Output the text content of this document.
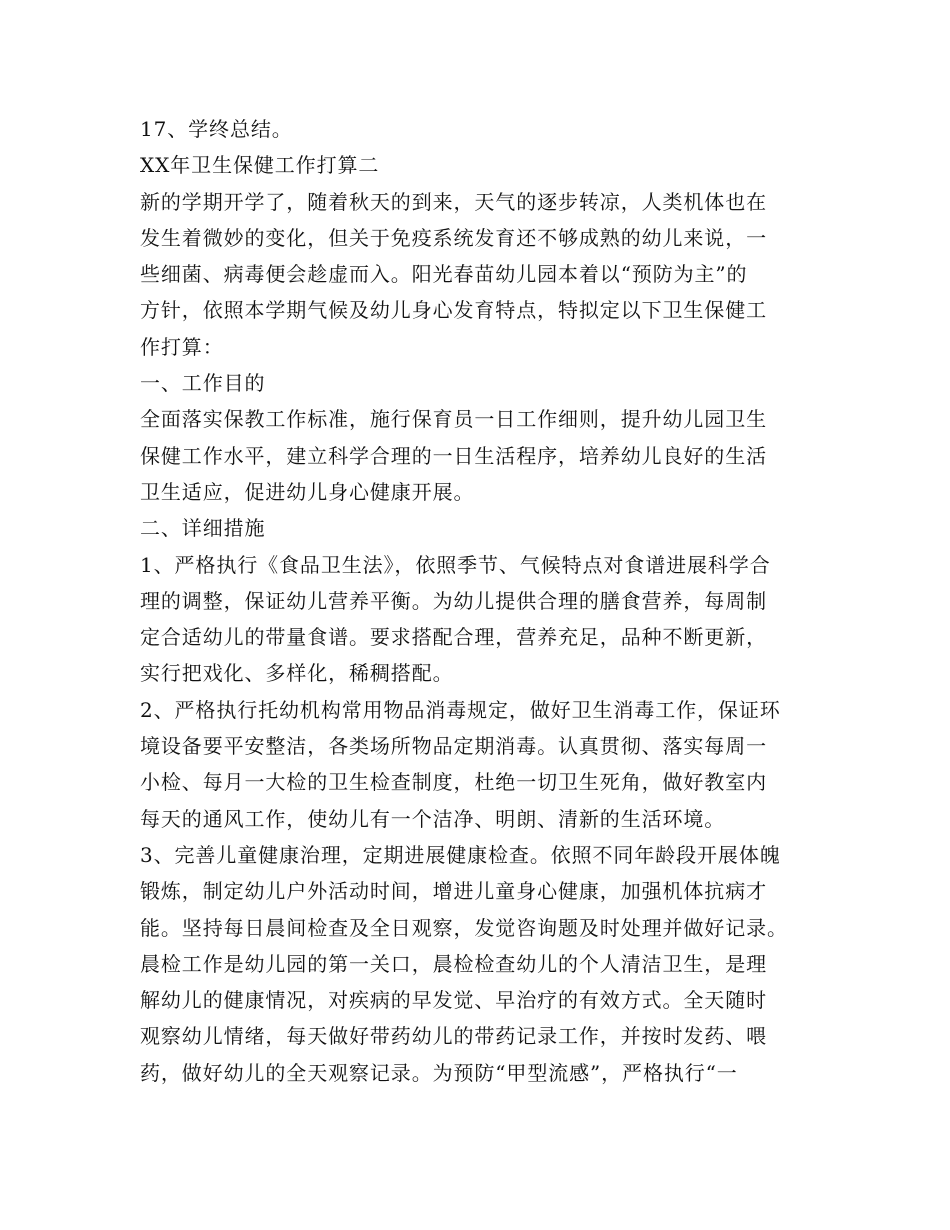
17、学终总结。
XX年卫生保健工作打算二
新的学期开学了，随着秋天的到来，天气的逐步转凉，人类机体也在
发生着微妙的变化，但关于免疫系统发育还不够成熟的幼儿来说，一
些细菌、病毒便会趁虚而入。阳光春苗幼儿园本着以“预防为主”的
方针，依照本学期气候及幼儿身心发育特点，特拟定以下卫生保健工
作打算：
一、工作目的
全面落实保教工作标准，施行保育员一日工作细则，提升幼儿园卫生
保健工作水平，建立科学合理的一日生活程序，培养幼儿良好的生活
卫生适应，促进幼儿身心健康开展。
二、详细措施
1、严格执行《食品卫生法》，依照季节、气候特点对食谱进展科学合
理的调整，保证幼儿营养平衡。为幼儿提供合理的膳食营养，每周制
定合适幼儿的带量食谱。要求搭配合理，营养充足，品种不断更新，
实行把戏化、多样化，稀稠搭配。
2、严格执行托幼机构常用物品消毒规定，做好卫生消毒工作，保证环
境设备要平安整洁，各类场所物品定期消毒。认真贯彻、落实每周一
小检、每月一大检的卫生检查制度，杜绝一切卫生死角，做好教室内
每天的通风工作，使幼儿有一个洁净、明朗、清新的生活环境。
3、完善儿童健康治理，定期进展健康检查。依照不同年龄段开展体魄
锻炼，制定幼儿户外活动时间，增进儿童身心健康，加强机体抗病才
能。坚持每日晨间检查及全日观察，发觉咨询题及时处理并做好记录。
晨检工作是幼儿园的第一关口，晨检检查幼儿的个人清洁卫生，是理
解幼儿的健康情况，对疾病的早发觉、早治疗的有效方式。全天随时
观察幼儿情绪，每天做好带药幼儿的带药记录工作，并按时发药、喂
药，做好幼儿的全天观察记录。为预防“甲型流感”，严格执行“一
